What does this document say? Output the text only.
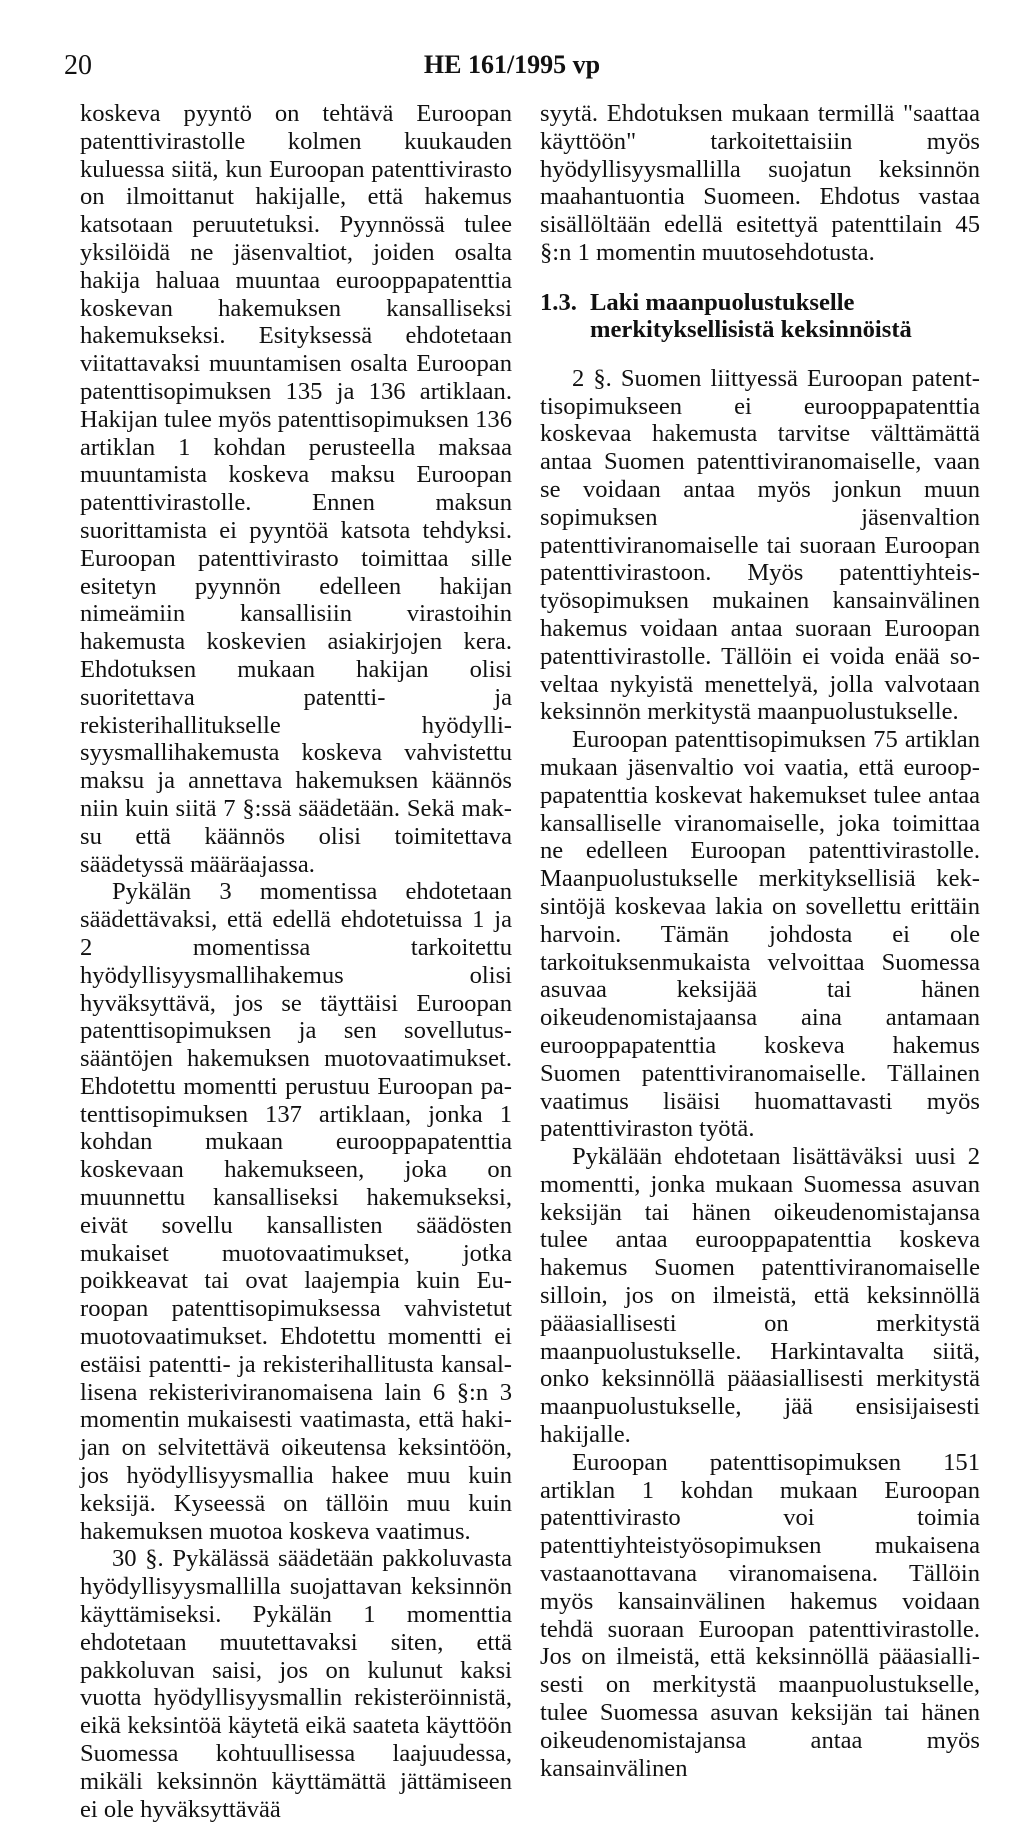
20	HE 161/1995 vp

koskeva pyyntö on tehtävä Euroopan patenttivirastolle kolmen kuukauden kuluessa siitä, kun Euroopan patenttivirasto on ilmoittanut hakijalle, että hakemus katsotaan peruutetuksi. Pyynnössä tulee yksilöidä ne jäsenvaltiot, joiden osalta hakija haluaa muuntaa eurooppapatenttia koskevan hakemuksen kansalliseksi hakemukseksi. Esityksessä ehdotetaan viitattavaksi muuntamisen osalta Euroopan patenttisopimuksen 135 ja 136 artiklaan. Hakijan tulee myös patenttisopimuksen 136 artiklan 1 kohdan perusteella maksaa muuntamista koskeva maksu Euroopan patenttivirastolle. Ennen maksun suorittamista ei pyyntöä katsota tehdyksi. Euroopan patenttivirasto toimittaa sille esitetyn pyynnön edelleen hakijan nimeämiin kansallisiin virastoihin hakemusta koskevien asiakirjojen kera. Ehdotuksen mukaan hakijan olisi suoritettava patentti- ja rekisterihallitukselle hyödyllisyysmallihakemusta koskeva vahvistettu maksu ja annettava hakemuksen käännös niin kuin siitä 7 §:ssä säädetään. Sekä maksu että käännös olisi toimitettava säädetyssä määräajassa.

Pykälän 3 momentissa ehdotetaan säädettävaksi, että edellä ehdotetuissa 1 ja 2 momentissa tarkoitettu hyödyllisyysmallihakemus olisi hyväksyttävä, jos se täyttäisi Euroopan patenttisopimuksen ja sen sovellutussääntöjen hakemuksen muotovaatimukset. Ehdotettu momentti perustuu Euroopan patenttisopimuksen 137 artiklaan, jonka 1 kohdan mukaan eurooppapatenttia koskevaan hakemukseen, joka on muunnettu kansalliseksi hakemukseksi, eivät sovellu kansallisten säädösten mukaiset muotovaatimukset, jotka poikkeavat tai ovat laajempia kuin Euroopan patenttisopimuksessa vahvistetut muotovaatimukset. Ehdotettu momentti ei estäisi patentti- ja rekisterihallitusta kansallisena rekisteriviranomaisena lain 6 §:n 3 momentin mukaisesti vaatimasta, että hakijan on selvitettävä oikeutensa keksintöön, jos hyödyllisyysmallia hakee muu kuin keksijä. Kyseessä on tällöin muu kuin hakemuksen muotoa koskeva vaatimus.

30 §. Pykälässä säädetään pakkoluvasta hyödyllisyysmallilla suojattavan keksinnön käyttämiseksi. Pykälän 1 momenttia ehdotetaan muutettavaksi siten, että pakkoluvan saisi, jos on kulunut kaksi vuotta hyödyllisyysmallin rekisteröinnistä, eikä keksintöä käytetä eikä saateta käyttöön Suomessa kohtuullisessa laajuudessa, mikäli keksinnön käyttämättä jättämiseen ei ole hyväksyttävää

syytä. Ehdotuksen mukaan termillä "saattaa käyttöön" tarkoitettaisiin myös hyödyllisyysmallilla suojatun keksinnön maahantuontia Suomeen. Ehdotus vastaa sisällöltään edellä esitettyä patenttilain 45 §:n 1 momentin muutosehdotusta.

1.3. Laki maanpuolustukselle merkityksellisistä keksinnöistä

2 §. Suomen liittyessä Euroopan patenttisopimukseen ei eurooppapatenttia koskevaa hakemusta tarvitse välttämättä antaa Suomen patenttiviranomaiselle, vaan se voidaan antaa myös jonkun muun sopimuksen jäsenvaltion patenttiviranomaiselle tai suoraan Euroopan patenttivirastoon. Myös patenttiyhteistyösopimuksen mukainen kansainvälinen hakemus voidaan antaa suoraan Euroopan patenttivirastolle. Tällöin ei voida enää soveltaa nykyistä menettelyä, jolla valvotaan keksinnön merkitystä maanpuolustukselle.

Euroopan patenttisopimuksen 75 artiklan mukaan jäsenvaltio voi vaatia, että eurooppapatenttia koskevat hakemukset tulee antaa kansalliselle viranomaiselle, joka toimittaa ne edelleen Euroopan patenttivirastolle. Maanpuolustukselle merkityksellisiä keksintöjä koskevaa lakia on sovellettu erittäin harvoin. Tämän johdosta ei ole tarkoituksenmukaista velvoittaa Suomessa asuvaa keksijää tai hänen oikeudenomistajaansa aina antamaan eurooppapatenttia koskeva hakemus Suomen patenttiviranomaiselle. Tällainen vaatimus lisäisi huomattavasti myös patenttiviraston työtä.

Pykälään ehdotetaan lisättäväksi uusi 2 momentti, jonka mukaan Suomessa asuvan keksijän tai hänen oikeudenomistajansa tulee antaa eurooppapatenttia koskeva hakemus Suomen patenttiviranomaiselle silloin, jos on ilmeistä, että keksinnöllä pääasiallisesti on merkitystä maanpuolustukselle. Harkintavalta siitä, onko keksinnöllä pääasiallisesti merkitystä maanpuolustukselle, jää ensisijaisesti hakijalle.

Euroopan patenttisopimuksen 151 artiklan 1 kohdan mukaan Euroopan patenttivirasto voi toimia patenttiyhteistyösopimuksen mukaisena vastaanottavana viranomaisena. Tällöin myös kansainvälinen hakemus voidaan tehdä suoraan Euroopan patenttivirastolle. Jos on ilmeistä, että keksinnöllä pääasiallisesti on merkitystä maanpuolustukselle, tulee Suomessa asuvan keksijän tai hänen oikeudenomistajansa antaa myös kansainvälinen
